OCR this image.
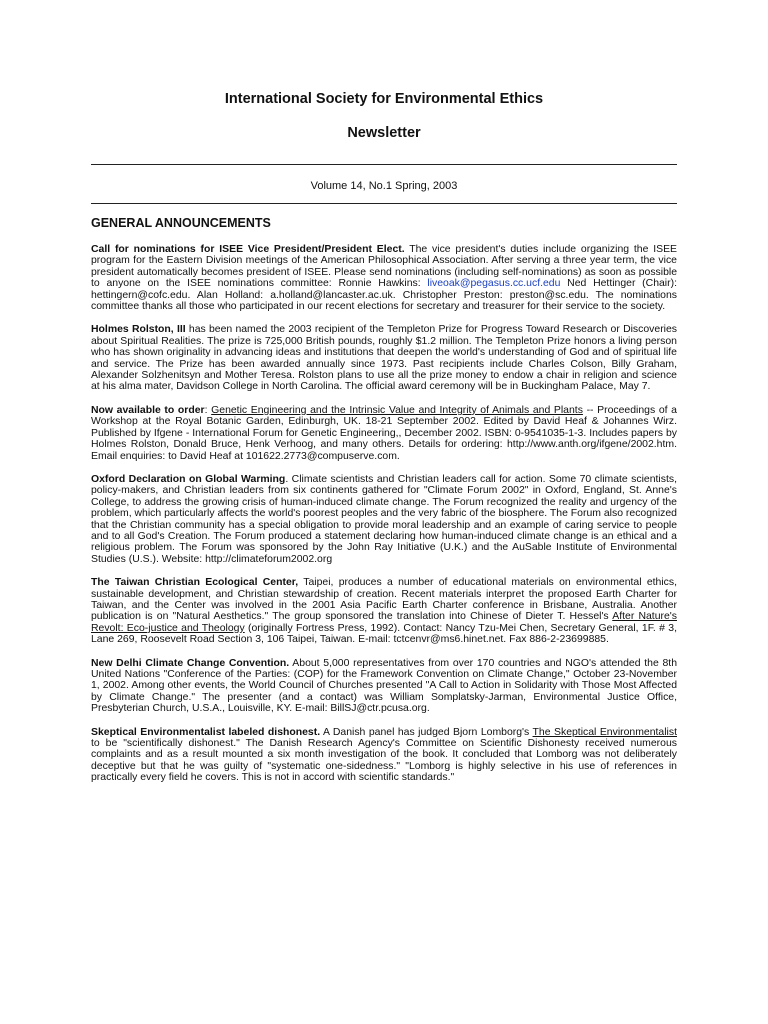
International Society for Environmental Ethics
Newsletter
Volume 14, No.1 Spring, 2003
GENERAL ANNOUNCEMENTS

Call for nominations for ISEE Vice President/President Elect. The vice president's duties include organizing the ISEE program for the Eastern Division meetings of the American Philosophical Association. After serving a three year term, the vice president automatically becomes president of ISEE. Please send nominations (including self-nominations) as soon as possible to anyone on the ISEE nominations committee: Ronnie Hawkins: liveoak@pegasus.cc.ucf.edu Ned Hettinger (Chair): hettingern@cofc.edu. Alan Holland: a.holland@lancaster.ac.uk. Christopher Preston: preston@sc.edu. The nominations committee thanks all those who participated in our recent elections for secretary and treasurer for their service to the society.

Holmes Rolston, III has been named the 2003 recipient of the Templeton Prize for Progress Toward Research or Discoveries about Spiritual Realities. The prize is 725,000 British pounds, roughly $1.2 million. The Templeton Prize honors a living person who has shown originality in advancing ideas and institutions that deepen the world's understanding of God and of spiritual life and service. The Prize has been awarded annually since 1973. Past recipients include Charles Colson, Billy Graham, Alexander Solzhenitsyn and Mother Teresa. Rolston plans to use all the prize money to endow a chair in religion and science at his alma mater, Davidson College in North Carolina. The official award ceremony will be in Buckingham Palace, May 7.

Now available to order: Genetic Engineering and the Intrinsic Value and Integrity of Animals and Plants -- Proceedings of a Workshop at the Royal Botanic Garden, Edinburgh, UK. 18-21 September 2002. Edited by David Heaf & Johannes Wirz. Published by Ifgene - International Forum for Genetic Engineering,, December 2002. ISBN: 0-9541035-1-3. Includes papers by Holmes Rolston, Donald Bruce, Henk Verhoog, and many others. Details for ordering: http://www.anth.org/ifgene/2002.htm. Email enquiries: to David Heaf at 101622.2773@compuserve.com.

Oxford Declaration on Global Warming. Climate scientists and Christian leaders call for action. Some 70 climate scientists, policy-makers, and Christian leaders from six continents gathered for "Climate Forum 2002" in Oxford, England, St. Anne's College, to address the growing crisis of human-induced climate change. The Forum recognized the reality and urgency of the problem, which particularly affects the world's poorest peoples and the very fabric of the biosphere. The Forum also recognized that the Christian community has a special obligation to provide moral leadership and an example of caring service to people and to all God's Creation. The Forum produced a statement declaring how human-induced climate change is an ethical and a religious problem. The Forum was sponsored by the John Ray Initiative (U.K.) and the AuSable Institute of Environmental Studies (U.S.). Website: http://climateforum2002.org

The Taiwan Christian Ecological Center, Taipei, produces a number of educational materials on environmental ethics, sustainable development, and Christian stewardship of creation. Recent materials interpret the proposed Earth Charter for Taiwan, and the Center was involved in the 2001 Asia Pacific Earth Charter conference in Brisbane, Australia. Another publication is on "Natural Aesthetics." The group sponsored the translation into Chinese of Dieter T. Hessel's After Nature's Revolt: Eco-justice and Theology (originally Fortress Press, 1992). Contact: Nancy Tzu-Mei Chen, Secretary General, 1F. # 3, Lane 269, Roosevelt Road Section 3, 106 Taipei, Taiwan. E-mail: tctcenvr@ms6.hinet.net. Fax 886-2-23699885.

New Delhi Climate Change Convention. About 5,000 representatives from over 170 countries and NGO's attended the 8th United Nations "Conference of the Parties: (COP) for the Framework Convention on Climate Change," October 23-November 1, 2002. Among other events, the World Council of Churches presented "A Call to Action in Solidarity with Those Most Affected by Climate Change." The presenter (and a contact) was William Somplatsky-Jarman, Environmental Justice Office, Presbyterian Church, U.S.A., Louisville, KY. E-mail: BillSJ@ctr.pcusa.org.

Skeptical Environmentalist labeled dishonest. A Danish panel has judged Bjorn Lomborg's The Skeptical Environmentalist to be "scientifically dishonest." The Danish Research Agency's Committee on Scientific Dishonesty received numerous complaints and as a result mounted a six month investigation of the book. It concluded that Lomborg was not deliberately deceptive but that he was guilty of "systematic one-sidedness." "Lomborg is highly selective in his use of references in practically every field he covers. This is not in accord with scientific standards."
